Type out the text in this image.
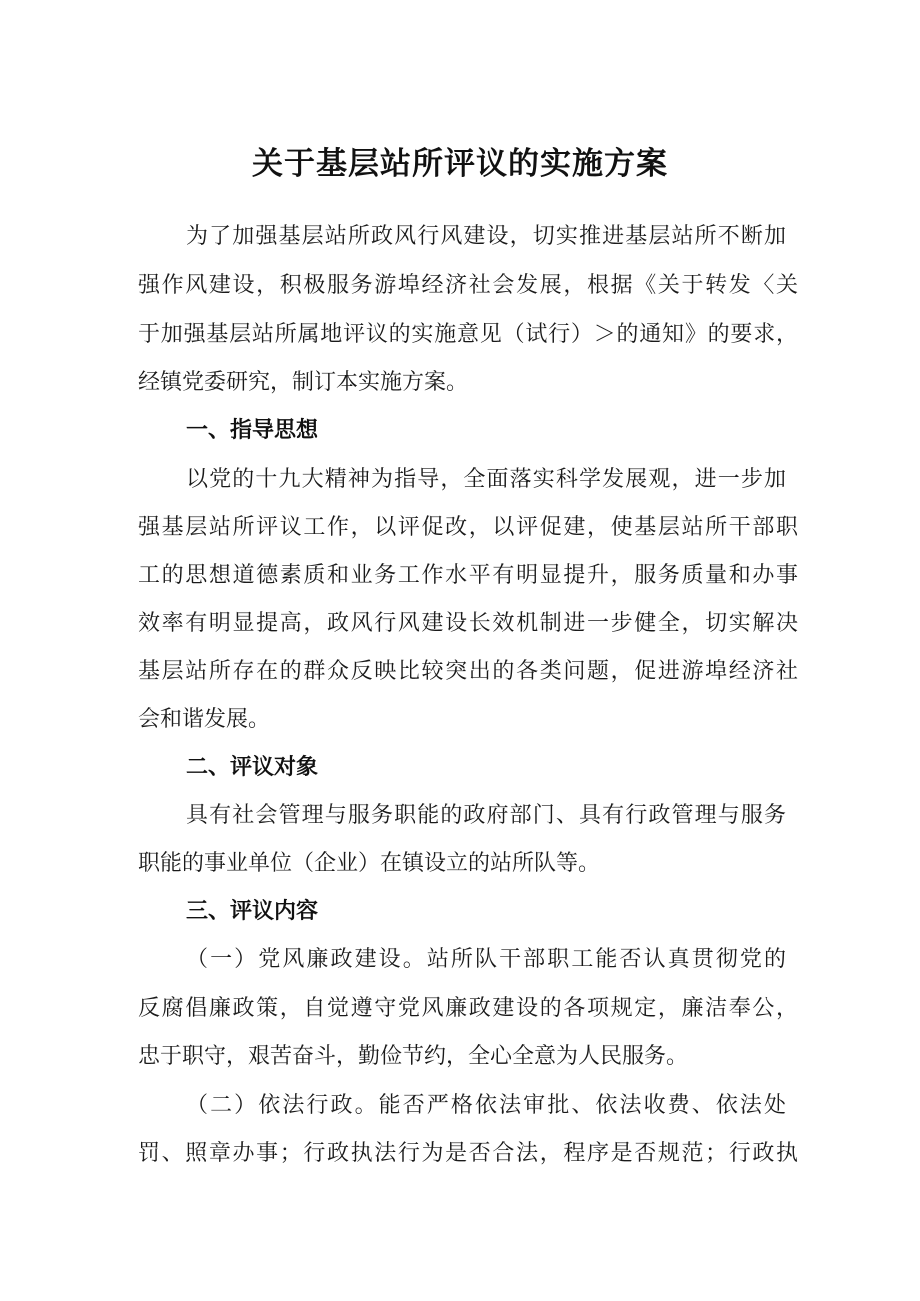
关于基层站所评议的实施方案

为了加强基层站所政风行风建设，切实推进基层站所不断加

强作风建设，积极服务游埠经济社会发展，根据《关于转发〈关

于加强基层站所属地评议的实施意见（试行）＞的通知》的要求，

经镇党委研究，制订本实施方案。

一、指导思想

以党的十九大精神为指导，全面落实科学发展观，进一步加

强基层站所评议工作，以评促改，以评促建，使基层站所干部职

工的思想道德素质和业务工作水平有明显提升，服务质量和办事

效率有明显提高，政风行风建设长效机制进一步健全，切实解决

基层站所存在的群众反映比较突出的各类问题，促进游埠经济社

会和谐发展。

二、评议对象

具有社会管理与服务职能的政府部门、具有行政管理与服务

职能的事业单位（企业）在镇设立的站所队等。

三、评议内容

（一）党风廉政建设。站所队干部职工能否认真贯彻党的

反腐倡廉政策，自觉遵守党风廉政建设的各项规定，廉洁奉公，

忠于职守，艰苦奋斗，勤俭节约，全心全意为人民服务。

（二）依法行政。能否严格依法审批、依法收费、依法处

罚、照章办事；行政执法行为是否合法，程序是否规范；行政执
